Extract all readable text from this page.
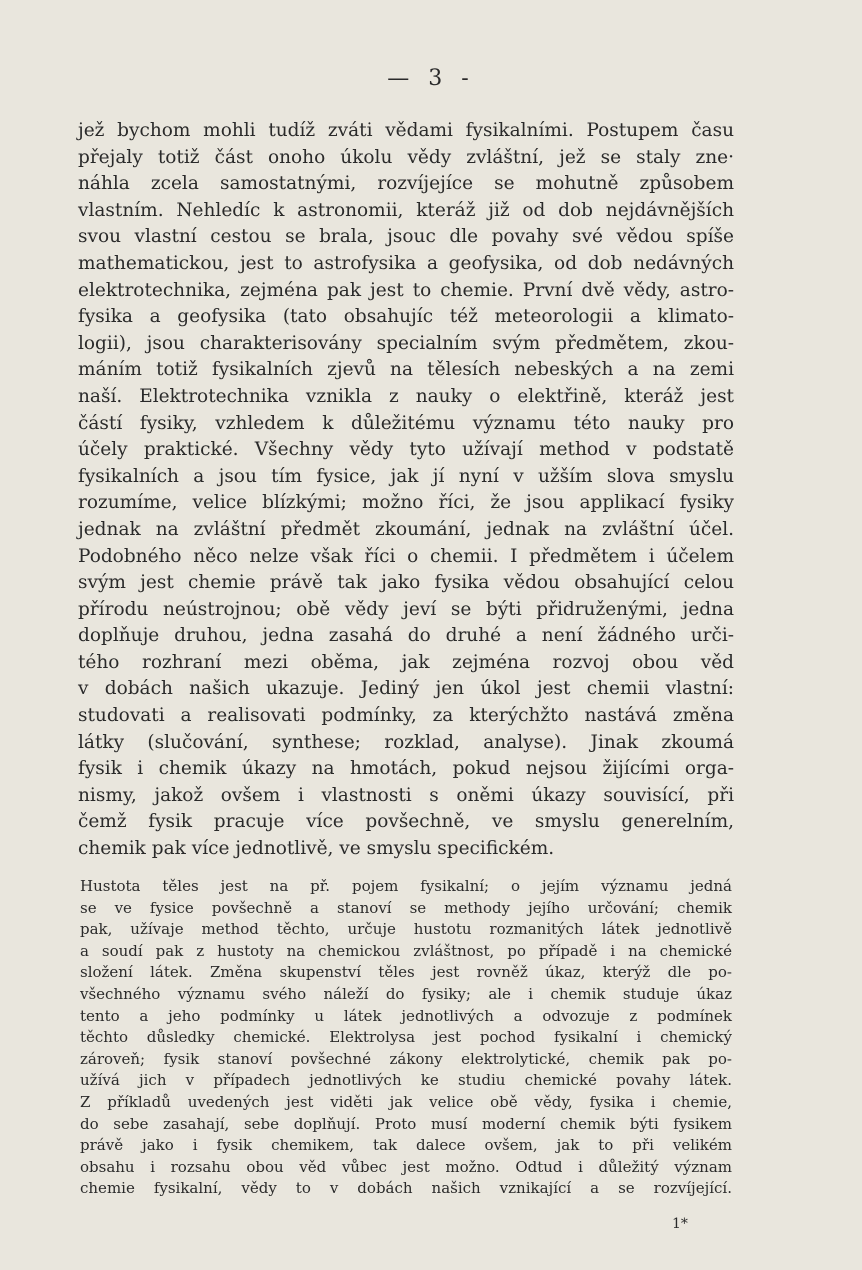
— 3 -
jež bychom mohli tudíž zváti vědami fysikalními. Postupem času
přejaly totiž část onoho úkolu vědy zvláštní, jež se staly zne·
náhla zcela samostatnými, rozvíjejíce se mohutně způsobem
vlastním. Nehledíc k astronomii, kteráž již od dob nejdávnějších
svou vlastní cestou se brala, jsouc dle povahy své vědou spíše
mathematickou, jest to astrofysika a geofysika, od dob nedávných
elektrotechnika, zejména pak jest to chemie. První dvě vědy, astro-
fysika a geofysika (tato obsahujíc též meteorologii a klimato-
logii), jsou charakterisovány specialním svým předmětem, zkou-
máním totiž fysikalních zjevů na tělesích nebeských a na zemi
naší. Elektrotechnika vznikla z nauky o elektřině, kteráž jest
částí fysiky, vzhledem k důležitému významu této nauky pro
účely praktické. Všechny vědy tyto užívají method v podstatě
fysikalních a jsou tím fysice, jak jí nyní v užším slova smyslu
rozumíme, velice blízkými; možno říci, že jsou applikací fysiky
jednak na zvláštní předmět zkoumání, jednak na zvláštní účel.
Podobného něco nelze však říci o chemii. I předmětem i účelem
svým jest chemie právě tak jako fysika vědou obsahující celou
přírodu neústrojnou; obě vědy jeví se býti přidruženými, jedna
doplňuje druhou, jedna zasahá do druhé a není žádného urči-
tého rozhraní mezi oběma, jak zejména rozvoj obou věd
v dobách našich ukazuje. Jediný jen úkol jest chemii vlastní:
studovati a realisovati podmínky, za kterýchžto nastává změna
látky (slučování, synthese; rozklad, analyse). Jinak zkoumá
fysik i chemik úkazy na hmotách, pokud nejsou žijícími orga-
nismy, jakož ovšem i vlastnosti s oněmi úkazy souvisící, při
čemž fysik pracuje více povšechně, ve smyslu generelním,
chemik pak více jednotlivě, ve smyslu specifickém.
Hustota těles jest na př. pojem fysikalní; o jejím významu jedná
se ve fysice povšechně a stanoví se methody jejího určování; chemik
pak, užívaje method těchto, určuje hustotu rozmanitých látek jednotlivě
a soudí pak z hustoty na chemickou zvláštnost, po případě i na chemické
složení látek. Změna skupenství těles jest rovněž úkaz, kterýž dle po-
všechného významu svého náleží do fysiky; ale i chemik studuje úkaz
tento a jeho podmínky u látek jednotlivých a odvozuje z podmínek
těchto důsledky chemické. Elektrolysa jest pochod fysikalní i chemický
zároveň; fysik stanoví povšechné zákony elektrolytické, chemik pak po-
užívá jich v případech jednotlivých ke studiu chemické povahy látek.
Z příkladů uvedených jest viděti jak velice obě vědy, fysika i chemie,
do sebe zasahají, sebe doplňují. Proto musí moderní chemik býti fysikem
právě jako i fysik chemikem, tak dalece ovšem, jak to při velikém
obsahu i rozsahu obou věd vůbec jest možno. Odtud i důležitý význam
chemie fysikalní, vědy to v dobách našich vznikající a se rozvíjející.
1*
